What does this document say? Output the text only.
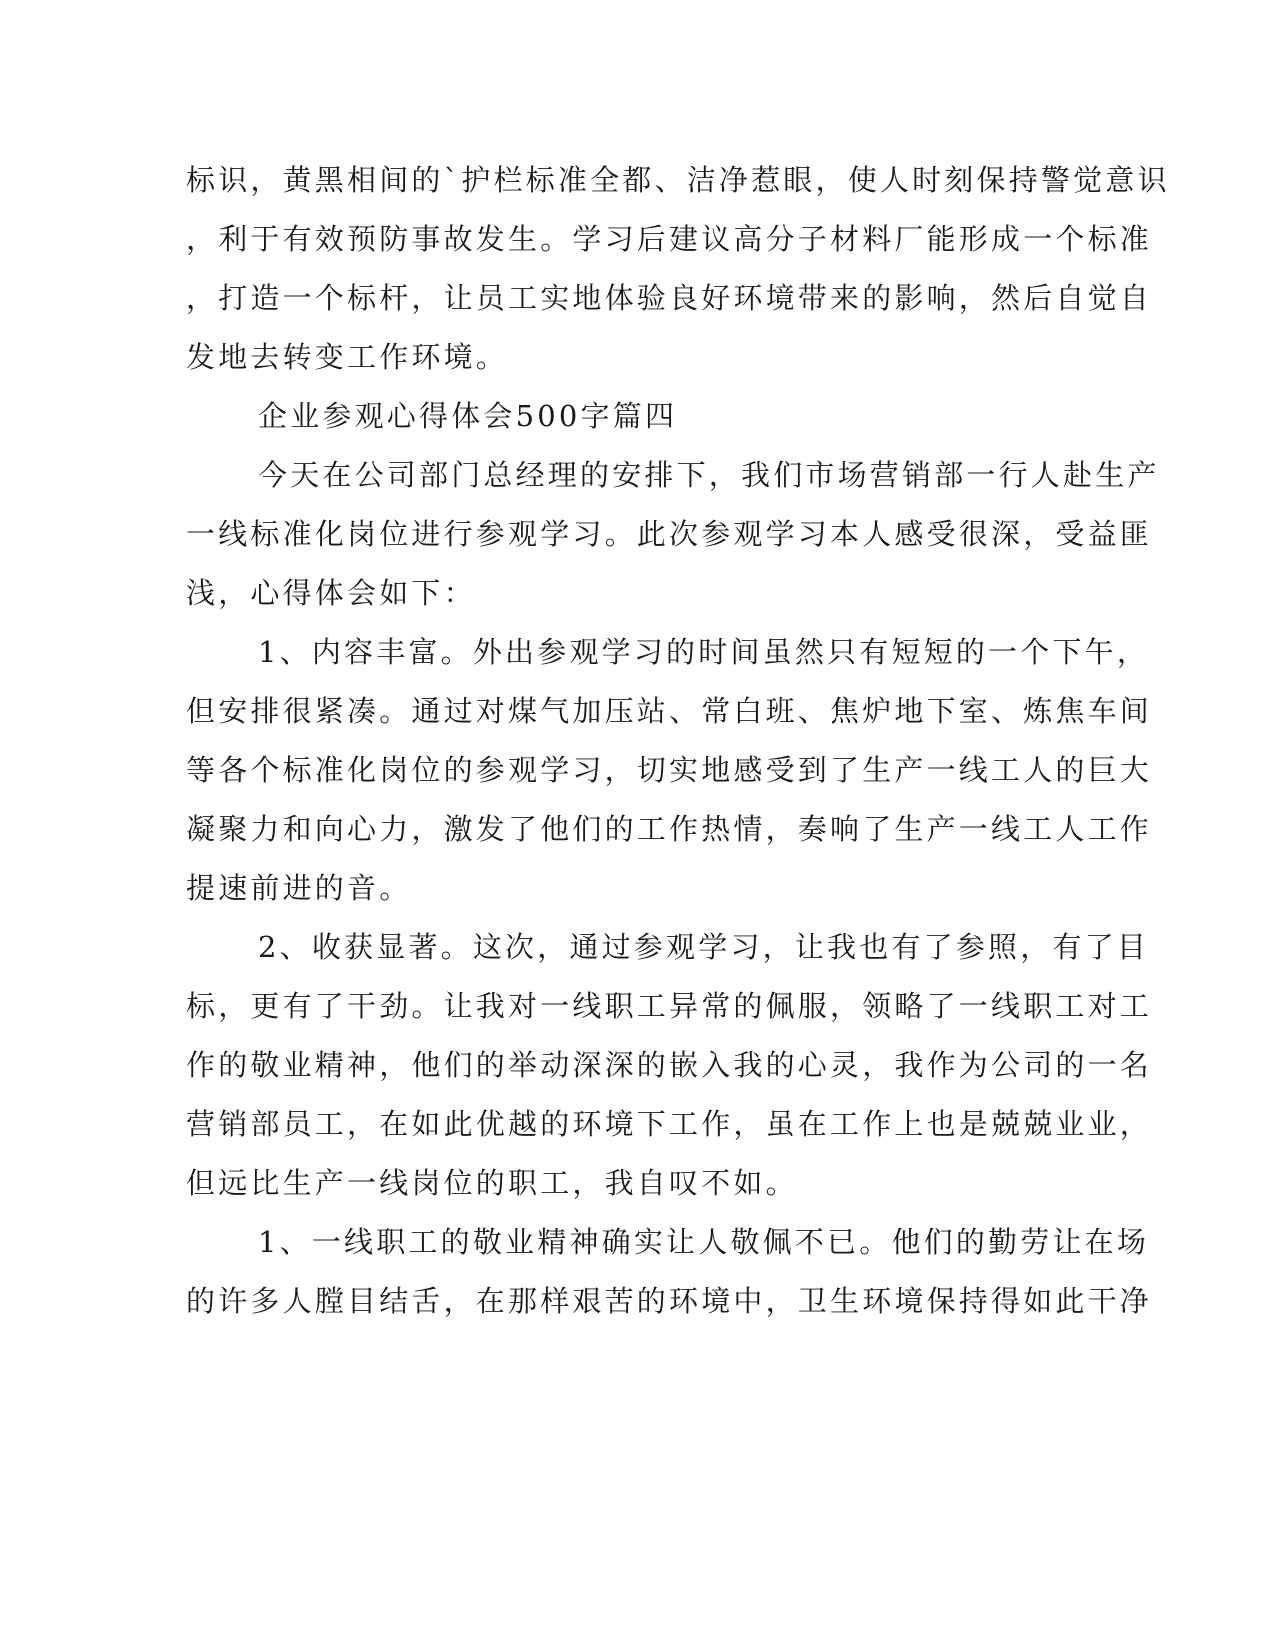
标识，黄黑相间的`护栏标准全都、洁净惹眼，使人时刻保持警觉意识
，利于有效预防事故发生。学习后建议高分子材料厂能形成一个标准
，打造一个标杆，让员工实地体验良好环境带来的影响，然后自觉自
发地去转变工作环境。
企业参观心得体会500字篇四
今天在公司部门总经理的安排下，我们市场营销部一行人赴生产
一线标准化岗位进行参观学习。此次参观学习本人感受很深，受益匪
浅，心得体会如下：
1、内容丰富。外出参观学习的时间虽然只有短短的一个下午，
但安排很紧凑。通过对煤气加压站、常白班、焦炉地下室、炼焦车间
等各个标准化岗位的参观学习，切实地感受到了生产一线工人的巨大
凝聚力和向心力，激发了他们的工作热情，奏响了生产一线工人工作
提速前进的音。
2、收获显著。这次，通过参观学习，让我也有了参照，有了目
标，更有了干劲。让我对一线职工异常的佩服，领略了一线职工对工
作的敬业精神，他们的举动深深的嵌入我的心灵，我作为公司的一名
营销部员工，在如此优越的环境下工作，虽在工作上也是兢兢业业，
但远比生产一线岗位的职工，我自叹不如。
1、一线职工的敬业精神确实让人敬佩不已。他们的勤劳让在场
的许多人膛目结舌，在那样艰苦的环境中，卫生环境保持得如此干净
